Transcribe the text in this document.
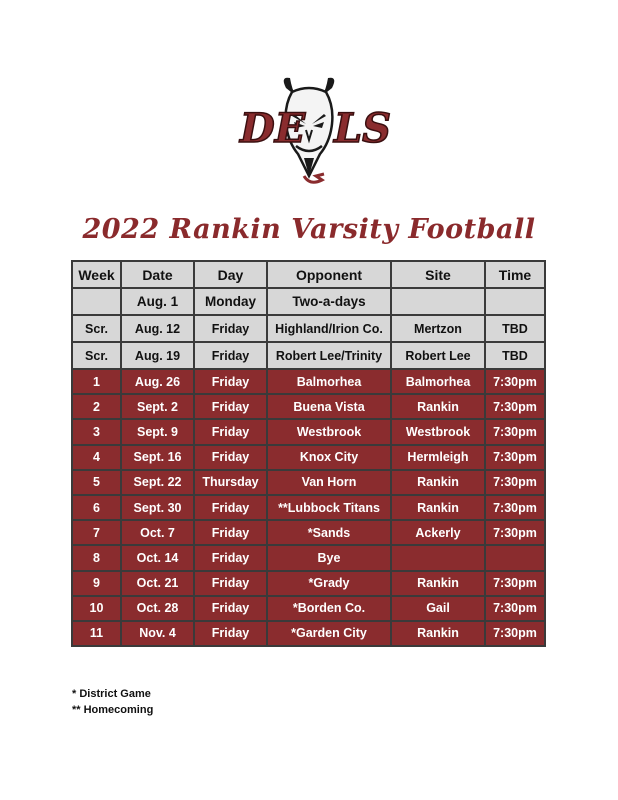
DE LS
2022 Rankin Varsity Football
Week	Date	Day	Opponent	Site	Time
	Aug. 1	Monday	Two-a-days		
Scr.	Aug. 12	Friday	Highland/Irion Co.	Mertzon	TBD
Scr.	Aug. 19	Friday	Robert Lee/Trinity	Robert Lee	TBD
1	Aug. 26	Friday	Balmorhea	Balmorhea	7:30pm
2	Sept. 2	Friday	Buena Vista	Rankin	7:30pm
3	Sept. 9	Friday	Westbrook	Westbrook	7:30pm
4	Sept. 16	Friday	Knox City	Hermleigh	7:30pm
5	Sept. 22	Thursday	Van Horn	Rankin	7:30pm
6	Sept. 30	Friday	**Lubbock Titans	Rankin	7:30pm
7	Oct. 7	Friday	*Sands	Ackerly	7:30pm
8	Oct. 14	Friday	Bye		
9	Oct. 21	Friday	*Grady	Rankin	7:30pm
10	Oct. 28	Friday	*Borden Co.	Gail	7:30pm
11	Nov. 4	Friday	*Garden City	Rankin	7:30pm
* District Game
** Homecoming
